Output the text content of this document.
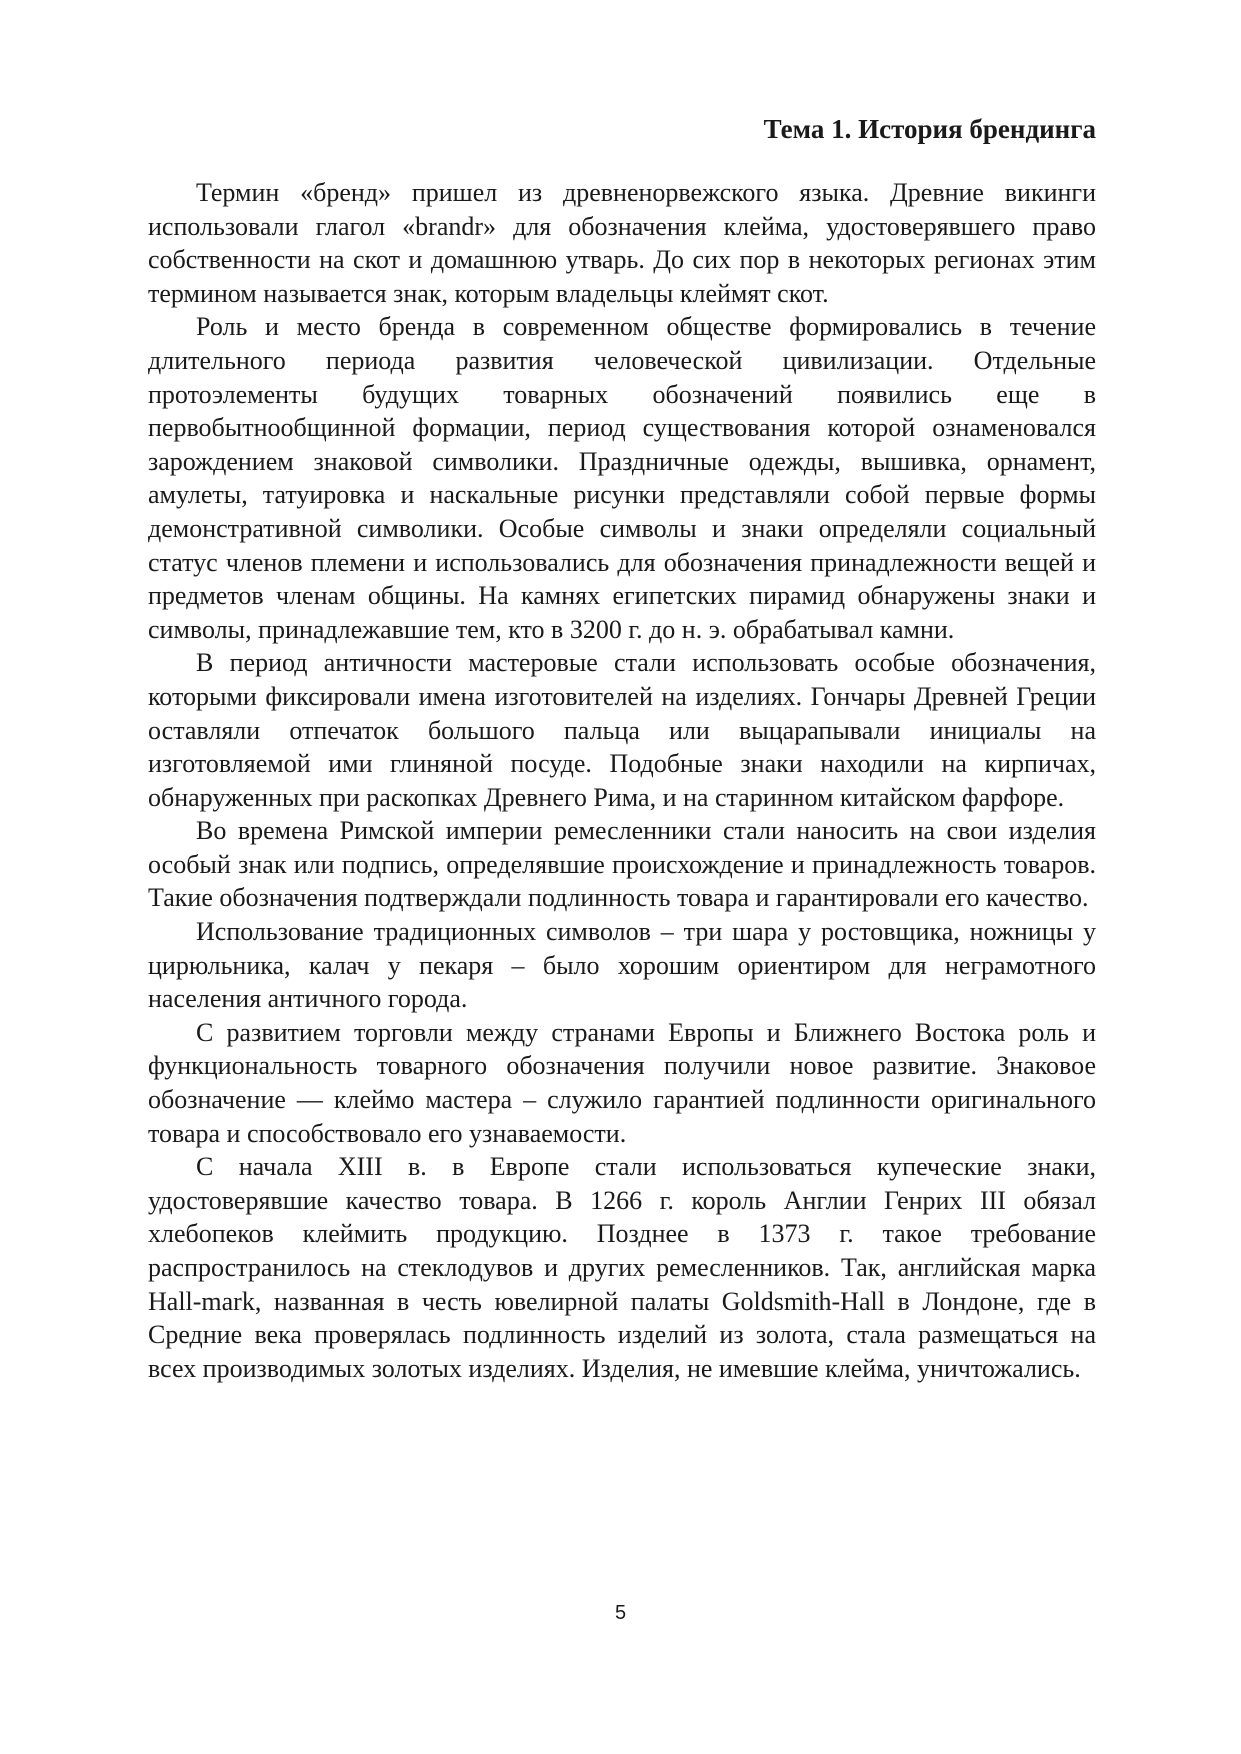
Тема 1. История брендинга

Термин «бренд» пришел из древненорвежского языка. Древние викинги использовали глагол «brandr» для обозначения клейма, удостоверявшего право собственности на скот и домашнюю утварь. До сих пор в некоторых регионах этим термином называется знак, которым владельцы клеймят скот.

Роль и место бренда в современном обществе формировались в течение длительного периода развития человеческой цивилизации. Отдельные протоэлементы будущих товарных обозначений появились еще в первобытнообщинной формации, период существования которой ознаменовался зарождением знаковой символики. Праздничные одежды, вышивка, орнамент, амулеты, татуировка и наскальные рисунки представляли собой первые формы демонстративной символики. Особые символы и знаки определяли социальный статус членов племени и использовались для обозначения принадлежности вещей и предметов членам общины. На камнях египетских пирамид обнаружены знаки и символы, принадлежавшие тем, кто в 3200 г. до н. э. обрабатывал камни.

В период античности мастеровые стали использовать особые обозначения, которыми фиксировали имена изготовителей на изделиях. Гончары Древней Греции оставляли отпечаток большого пальца или выцарапывали инициалы на изготовляемой ими глиняной посуде. Подобные знаки находили на кирпичах, обнаруженных при раскопках Древнего Рима, и на старинном китайском фарфоре.

Во времена Римской империи ремесленники стали наносить на свои изделия особый знак или подпись, определявшие происхождение и принадлежность товаров. Такие обозначения подтверждали подлинность товара и гарантировали его качество.

Использование традиционных символов – три шара у ростовщика, ножницы у цирюльника, калач у пекаря – было хорошим ориентиром для неграмотного населения античного города.

С развитием торговли между странами Европы и Ближнего Востока роль и функциональность товарного обозначения получили новое развитие. Знаковое обозначение — клеймо мастера – служило гарантией подлинности оригинального товара и способствовало его узнаваемости.

С начала XIII в. в Европе стали использоваться купеческие знаки, удостоверявшие качество товара. В 1266 г. король Англии Генрих III обязал хлебопеков клеймить продукцию. Позднее в 1373 г. такое требование распространилось на стеклодувов и других ремесленников. Так, английская марка Hall-mark, названная в честь ювелирной палаты Goldsmith-Hall в Лондоне, где в Средние века проверялась подлинность изделий из золота, стала размещаться на всех производимых золотых изделиях. Изделия, не имевшие клейма, уничтожались.

5
